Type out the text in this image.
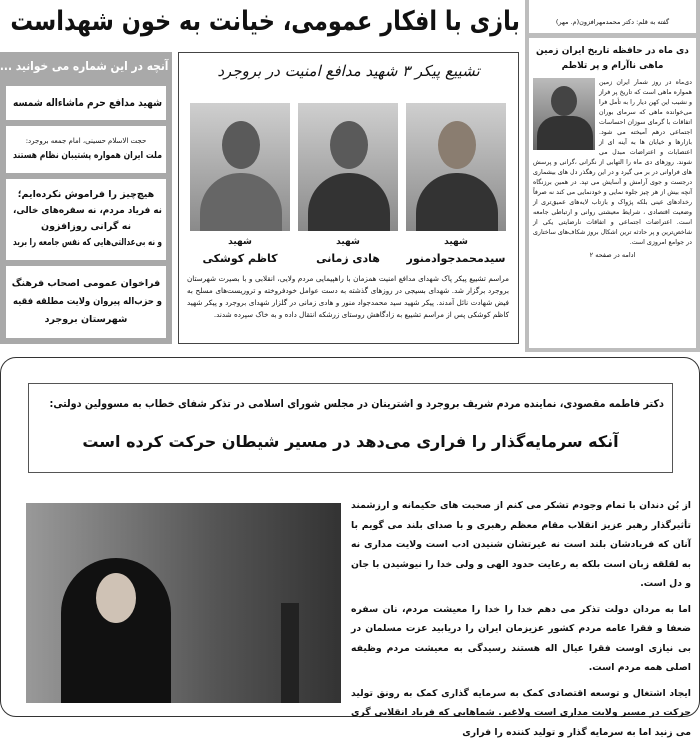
بازی با افکار عمومی، خیانت به خون شهداست
آنچه در این شماره می خوانید ...
شهید مدافع حرم ماشاءاله شمسه
حجت الاسلام حسینی، امام جمعه بروجرد:
ملت ایران همواره پشتیبان نظام هستند
هیچ‌چیز را فراموش نکرده‌ایم؛
نه فریاد مردم، نه سفره‌های خالی،
نه گرانی روزافزون
و نه بی‌عدالتی‌هایی که نفس جامعه را برید
فراخوان عمومی اصحاب فرهنگ
و حزب‌اله پیروان ولایت مطلقه فقیه
شهرستان بروجرد
تشییع پیکر ۳ شهید مدافع امنیت در بروجرد
شهید
سیدمحمدجوادمنور
شهید
هادی زمانی
شهید
کاظم کوشکی
مراسم تشییع پیکر پاک شهدای مدافع امنیت همزمان با راهپیمایی مردم ولایی، انقلابی و با بصیرت شهرستان بروجرد برگزار شد. شهدای بسیجی در روزهای گذشته به دست عوامل خودفروخته و تروریست‌های مسلح به فیض شهادت نائل آمدند. پیکر شهید سید محمدجواد منور و هادی زمانی در گلزار شهدای بروجرد و پیکر شهید کاظم کوشکی پس از مراسم تشییع به زادگاهش روستای زرشکه انتقال داده و به خاک سپرده شدند.
گفته به قلم: دکتر محمدمهرافزون(م. مهر)
دی ماه در حافظه تاریخ ایران زمین
ماهی ناآرام و پر تلاطم
دی‌ماه در روز شمار ایران زمین همواره ماهی است که تاریخ پر فراز و نشیب این کهن دیار را به تأمل فرا می‌خوانده ماهی که سرمای بوران اتفاقات با گرمای سوزان احساسات اجتماعی درهم آمیخته می شود. بازارها و خیابان ها به آینه ای از اعتصابات و اعتراضات مبدل می شوند. روزهای دی ماه را التهابی از نگرانی ،گرانی و پرسش های فراوانی در بر می گیرد و در این رهگذر دل های بیشماری درجست و جوی آرامش و آسایش می تپد. در همین برزنگاه آنچه بیش از هر چیز جلوه نمایی و خودنمایی می کند نه صرفاً رخدادهای عینی بلکه پژواک و بازتاب لایه‌های عمیق‌تری از وضعیت اقتصادی ، شرایط معیشتی روانی و ارتباطی جامعه است. اعتراضات اجتماعی و اتفاقات نارضایتی یکی از شاخص‌ترین و پر حادثه ترین اشکال بروز شکاف‌های ساختاری در جوامع امروزی است.
ادامه در صفحه ۲
دکتر فاطمه مقصودی، نماینده مردم شریف بروجرد و اشترینان در مجلس شورای اسلامی در تذکر شفای خطاب به مسوولین دولتی:
آنکه سرمایه‌گذار را فراری می‌دهد در مسیر شیطان حرکت کرده است

از بُن دندان با تمام وجودم تشکر می کنم از صحبت های حکیمانه و ارزشمند تأثیرگذار رهبر عزیز انقلاب مقام معظم رهبری و با صدای بلند می گویم با آنان که فریادشان بلند است نه غیرتشان شنیدن ادب است ولایت مداری نه به لقلقه زبان است بلکه به رعایت حدود الهی و ولی خدا را نیوشیدن با جان و دل است.

اما به مردان دولت تذکر می دهم خدا را خدا را معیشت مردم، نان سفره ضعفا و فقرا عامه مردم کشور عزیزمان ایران را دریابید عزت مسلمان در بی نیازی اوست فقرا عیال اله هستند رسیدگی به معیشت مردم وظیفه اصلی همه مردم است.

ایجاد اشتغال و توسعه اقتصادی کمک به سرمایه گذاری کمک به رونق تولید حرکت در مسیر ولایت مداری است ولاغیر. شماهایی که فریاد انقلابی گری می زنید اما به سرمایه گذار و تولید کننده را فراری
